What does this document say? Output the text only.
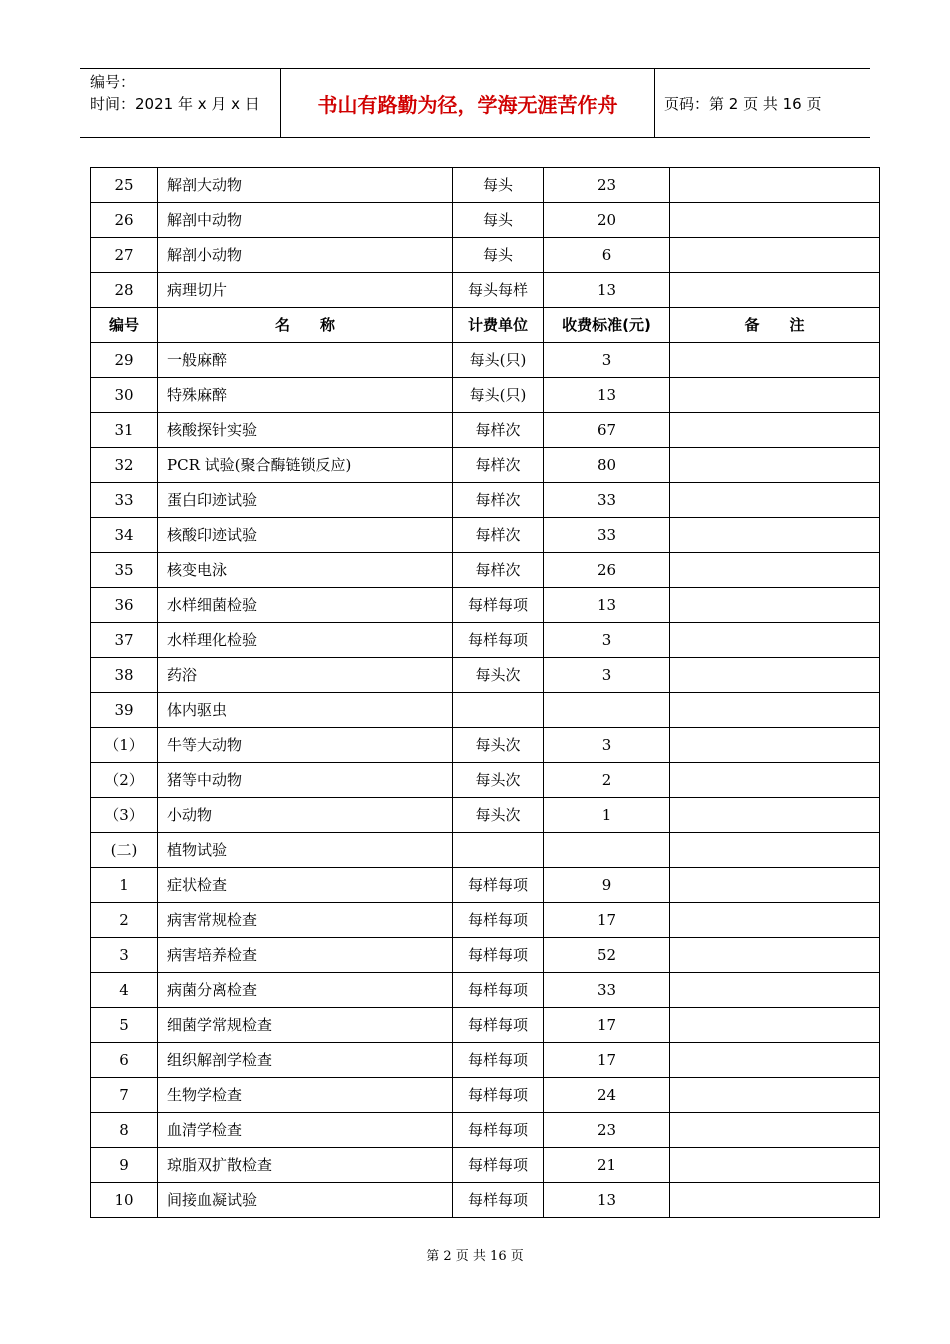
编号：
时间：2021 年 x 月 x 日	书山有路勤为径，学海无涯苦作舟	页码：第 2 页 共 16 页
25	解剖大动物	每头	23	
26	解剖中动物	每头	20	
27	解剖小动物	每头	6	
28	病理切片	每头每样	13	
编号	名　　称	计费单位	收费标准(元)	备　　注
29	一般麻醉	每头(只)	3	
30	特殊麻醉	每头(只)	13	
31	核酸探针实验	每样次	67	
32	PCR 试验(聚合酶链锁反应)	每样次	80	
33	蛋白印迹试验	每样次	33	
34	核酸印迹试验	每样次	33	
35	核变电泳	每样次	26	
36	水样细菌检验	每样每项	13	
37	水样理化检验	每样每项	3	
38	药浴	每头次	3	
39	体内驱虫			
（1）	牛等大动物	每头次	3	
（2）	猪等中动物	每头次	2	
（3）	小动物	每头次	1	
(二)	植物试验			
1	症状检查	每样每项	9	
2	病害常规检查	每样每项	17	
3	病害培养检查	每样每项	52	
4	病菌分离检查	每样每项	33	
5	细菌学常规检查	每样每项	17	
6	组织解剖学检查	每样每项	17	
7	生物学检查	每样每项	24	
8	血清学检查	每样每项	23	
9	琼脂双扩散检查	每样每项	21	
10	间接血凝试验	每样每项	13	
第 2 页 共 16 页
